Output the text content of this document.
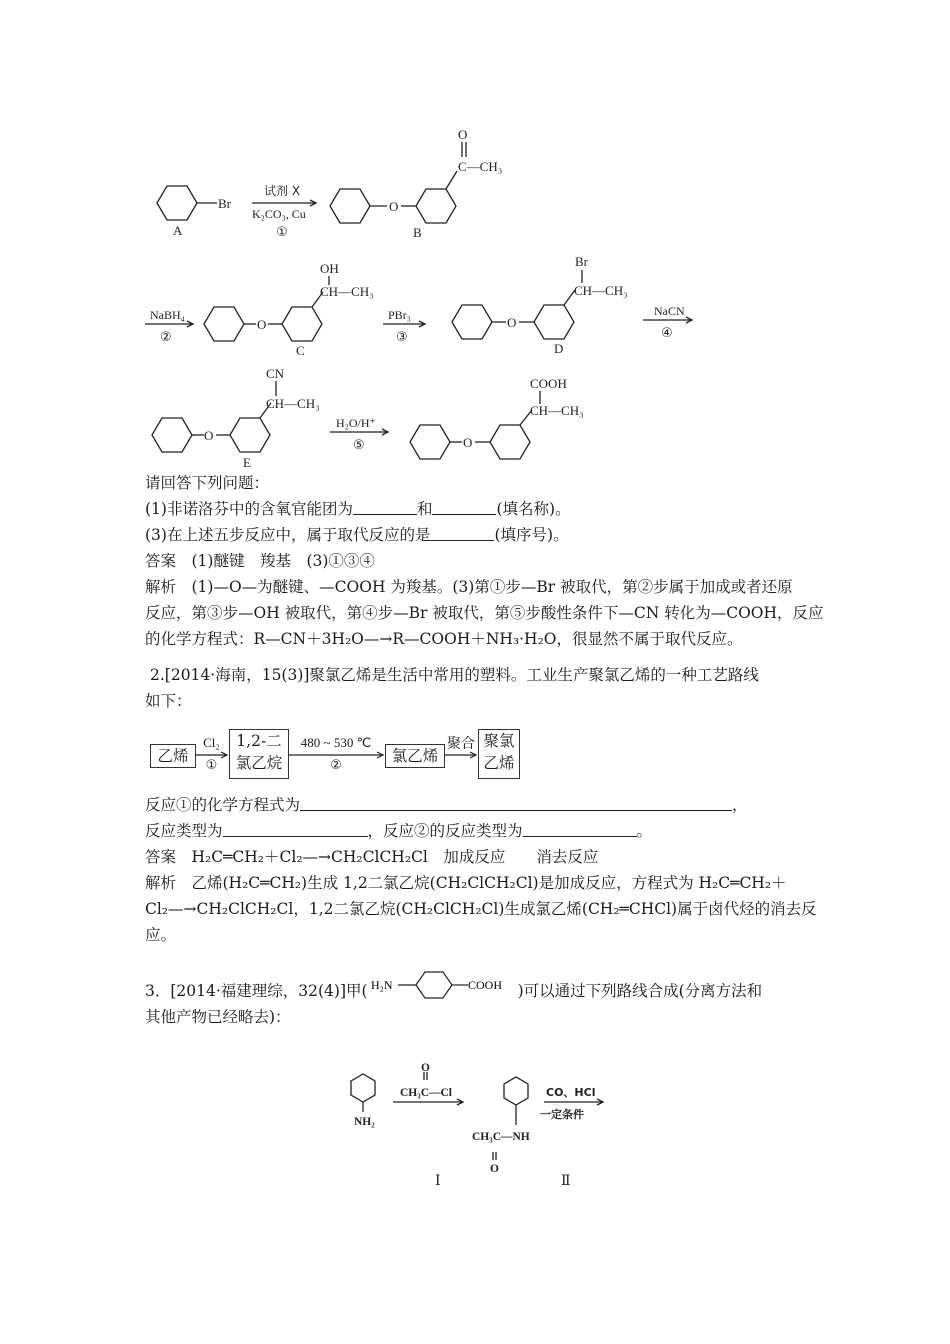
Br
A
试剂 X
K₂CO₃, Cu
①
O
O
C—CH₃
B
NaBH₄
②
O
OH
CH—CH₃
C
PBr₃
③
O
Br
CH—CH₃
D
NaCN
④
O
CN
CH—CH₃
E
H₂O/H⁺
⑤	O
COOH
CH—CH₃
请回答下列问题：
(1)非诺洛芬中的含氧官能团为	和	(填名称)。
(3)在上述五步反应中，属于取代反应的是	(填序号)。
答案　(1)醚键　羧基　(3)①③④
解析　(1)—O—为醚键、—COOH 为羧基。(3)第①步—Br 被取代，第②步属于加成或者还原
反应，第③步—OH 被取代，第④步—Br 被取代，第⑤步酸性条件下—CN 转化为—COOH，反应
的化学方程式：R—CN＋3H₂O—→R—COOH＋NH₃·H₂O，很显然不属于取代反应。
2.[2014·海南，15(3)]聚氯乙烯是生活中常用的塑料。工业生产聚氯乙烯的一种工艺路线
如下：
乙烯
1,2-二
氯乙烷	氯乙烯
聚氯
乙烯
Cl₂
①
480 ~ 530 ℃
②
聚合
反应①的化学方程式为	，
反应类型为	，反应②的反应类型为	。
答案　H₂C═CH₂＋Cl₂—→CH₂ClCH₂Cl　加成反应　　消去反应
解析　乙烯(H₂C═CH₂)生成 1,2二氯乙烷(CH₂ClCH₂Cl)是加成反应，方程式为 H₂C═CH₂＋
Cl₂—→CH₂ClCH₂Cl，1,2二氯乙烷(CH₂ClCH₂Cl)生成氯乙烯(CH₂═CHCl)属于卤代烃的消去反
应。
3．[2014·福建理综，32(4)]甲( H₂N	COOH )可以通过下列路线合成(分离方法和
其他产物已经略去)：
NH₂
O
CH₃C—Cl
CH₃C—NH
O
CO、HCl
一定条件
Ⅰ	Ⅱ
